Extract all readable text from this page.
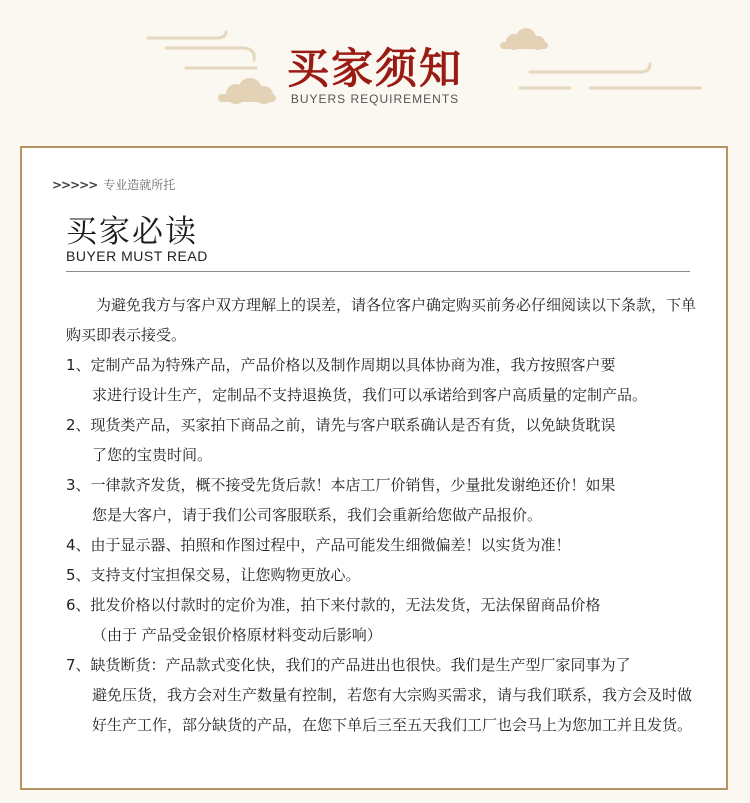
买家须知
BUYERS REQUIREMENTS
>>>>> 专业造就所托
买家必读
BUYER MUST READ

为避免我方与客户双方理解上的误差，请各位客户确定购买前务必仔细阅读以下条款，下单购买即表示接受。

1、定制产品为特殊产品，产品价格以及制作周期以具体协商为准，我方按照客户要
求进行设计生产，定制品不支持退换货，我们可以承诺给到客户高质量的定制产品。

2、现货类产品，买家拍下商品之前，请先与客户联系确认是否有货，以免缺货耽误
了您的宝贵时间。

3、一律款齐发货，概不接受先货后款！本店工厂价销售，少量批发谢绝还价！如果
您是大客户，请于我们公司客服联系，我们会重新给您做产品报价。

4、由于显示器、拍照和作图过程中，产品可能发生细微偏差！以实货为准！

5、支持支付宝担保交易，让您购物更放心。

6、批发价格以付款时的定价为准，拍下来付款的，无法发货，无法保留商品价格
（由于 产品受金银价格原材料变动后影响）

7、缺货断货：产品款式变化快，我们的产品进出也很快。我们是生产型厂家同事为了
避免压货，我方会对生产数量有控制，若您有大宗购买需求，请与我们联系，我方会及时做好生产工作，部分缺货的产品，在您下单后三至五天我们工厂也会马上为您加工并且发货。
